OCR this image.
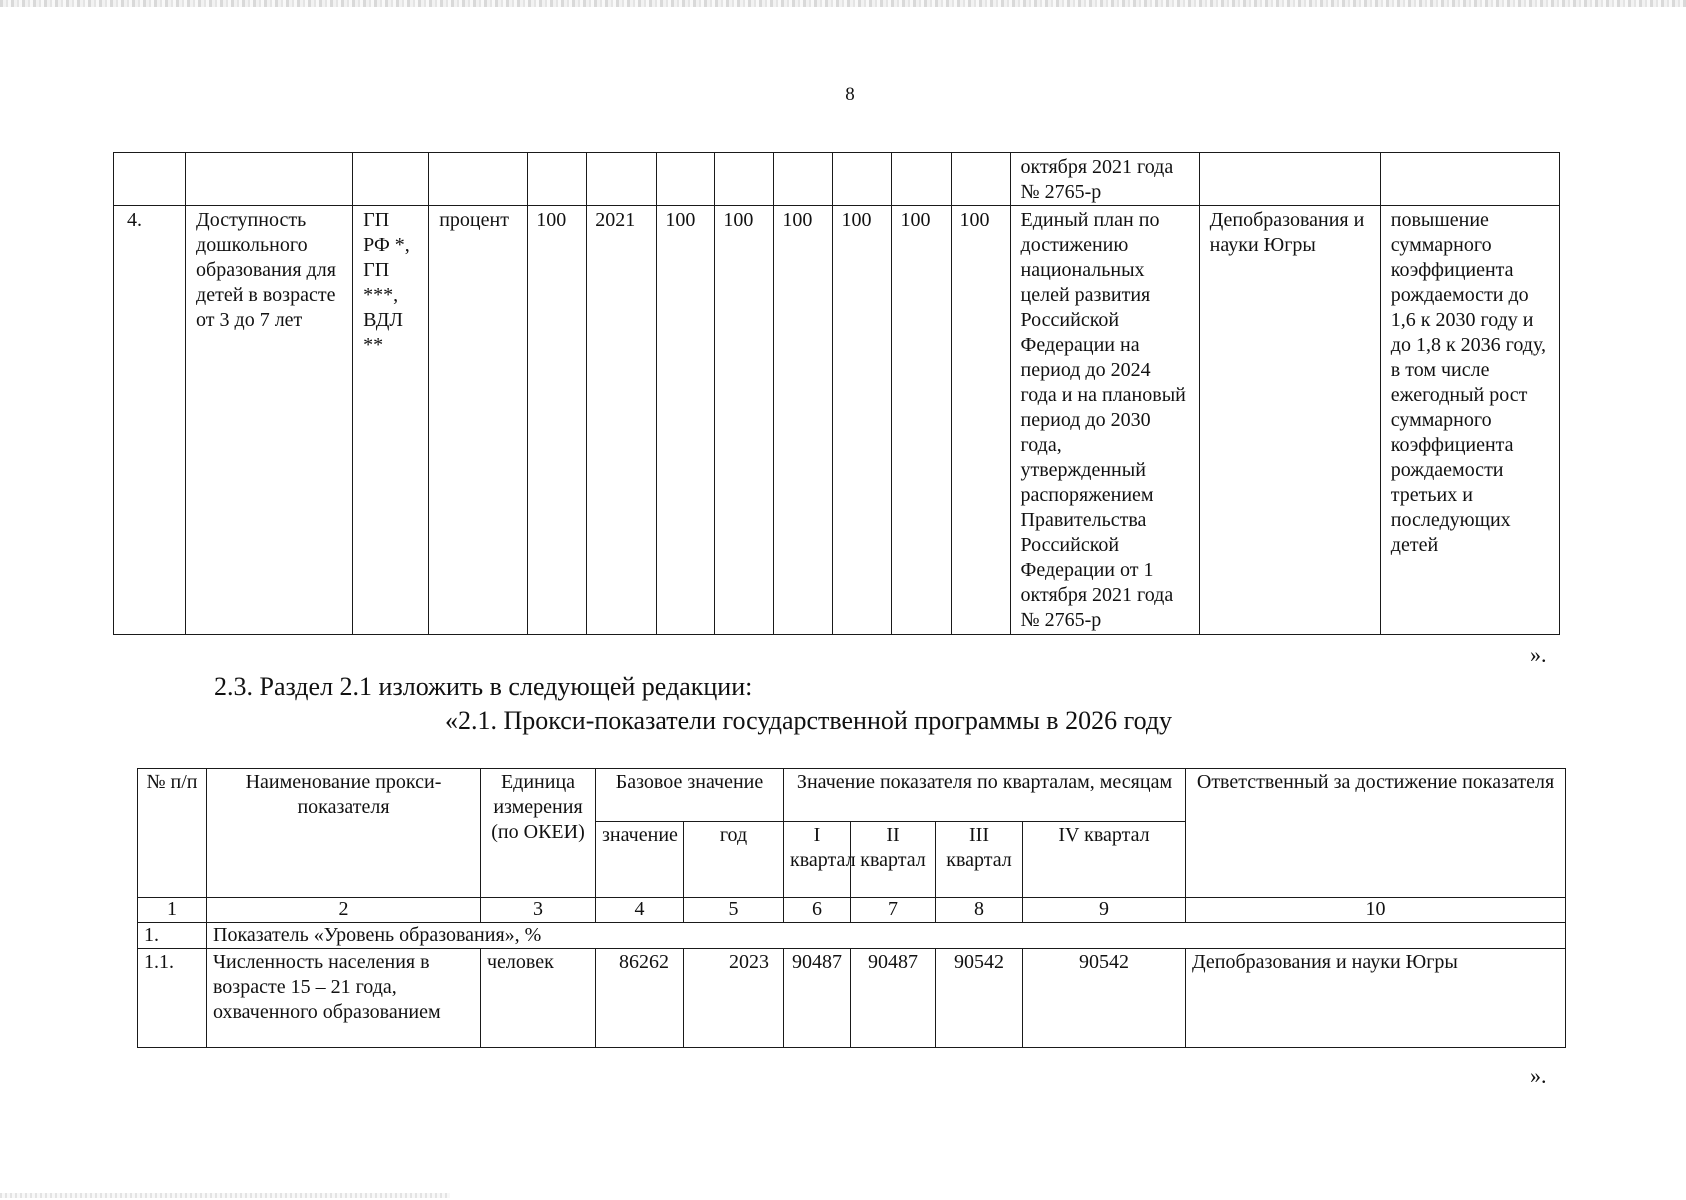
8
												октября 2021 года № 2765-р		
4.	Доступность дошкольного образования для детей в возрасте от 3 до 7 лет	ГП РФ *, ГП ***, ВДЛ **	процент	100	2021	100	100	100	100	100	100	Единый план по достижению национальных целей развития Российской Федерации на период до 2024 года и на плановый период до 2030 года, утвержденный распоряжением Правительства Российской Федерации от 1 октября 2021 года № 2765-р	Депобразования и науки Югры	повышение суммарного коэффициента рождаемости до 1,6 к 2030 году и до 1,8 к 2036 году, в том числе ежегодный рост суммарного коэффициента рождаемости третьих и последующих детей
».
2.3. Раздел 2.1 изложить в следующей редакции:
«2.1. Прокси-показатели государственной программы в 2026 году
№ п/п	Наименование прокси-показателя	Единица измерения (по ОКЕИ)	Базовое значение		Значение показателя по кварталам, месяцам				Ответственный за достижение показателя
			значение	год	I квартал	II квартал	III квартал	IV квартал	
1	2	3	4	5	6	7	8	9	10
1.	Показатель «Уровень образования», %								
1.1.	Численность населения в возрасте 15 – 21 года, охваченного образованием	человек	86262	2023	90487	90487	90542	90542	Депобразования и науки Югры
».
